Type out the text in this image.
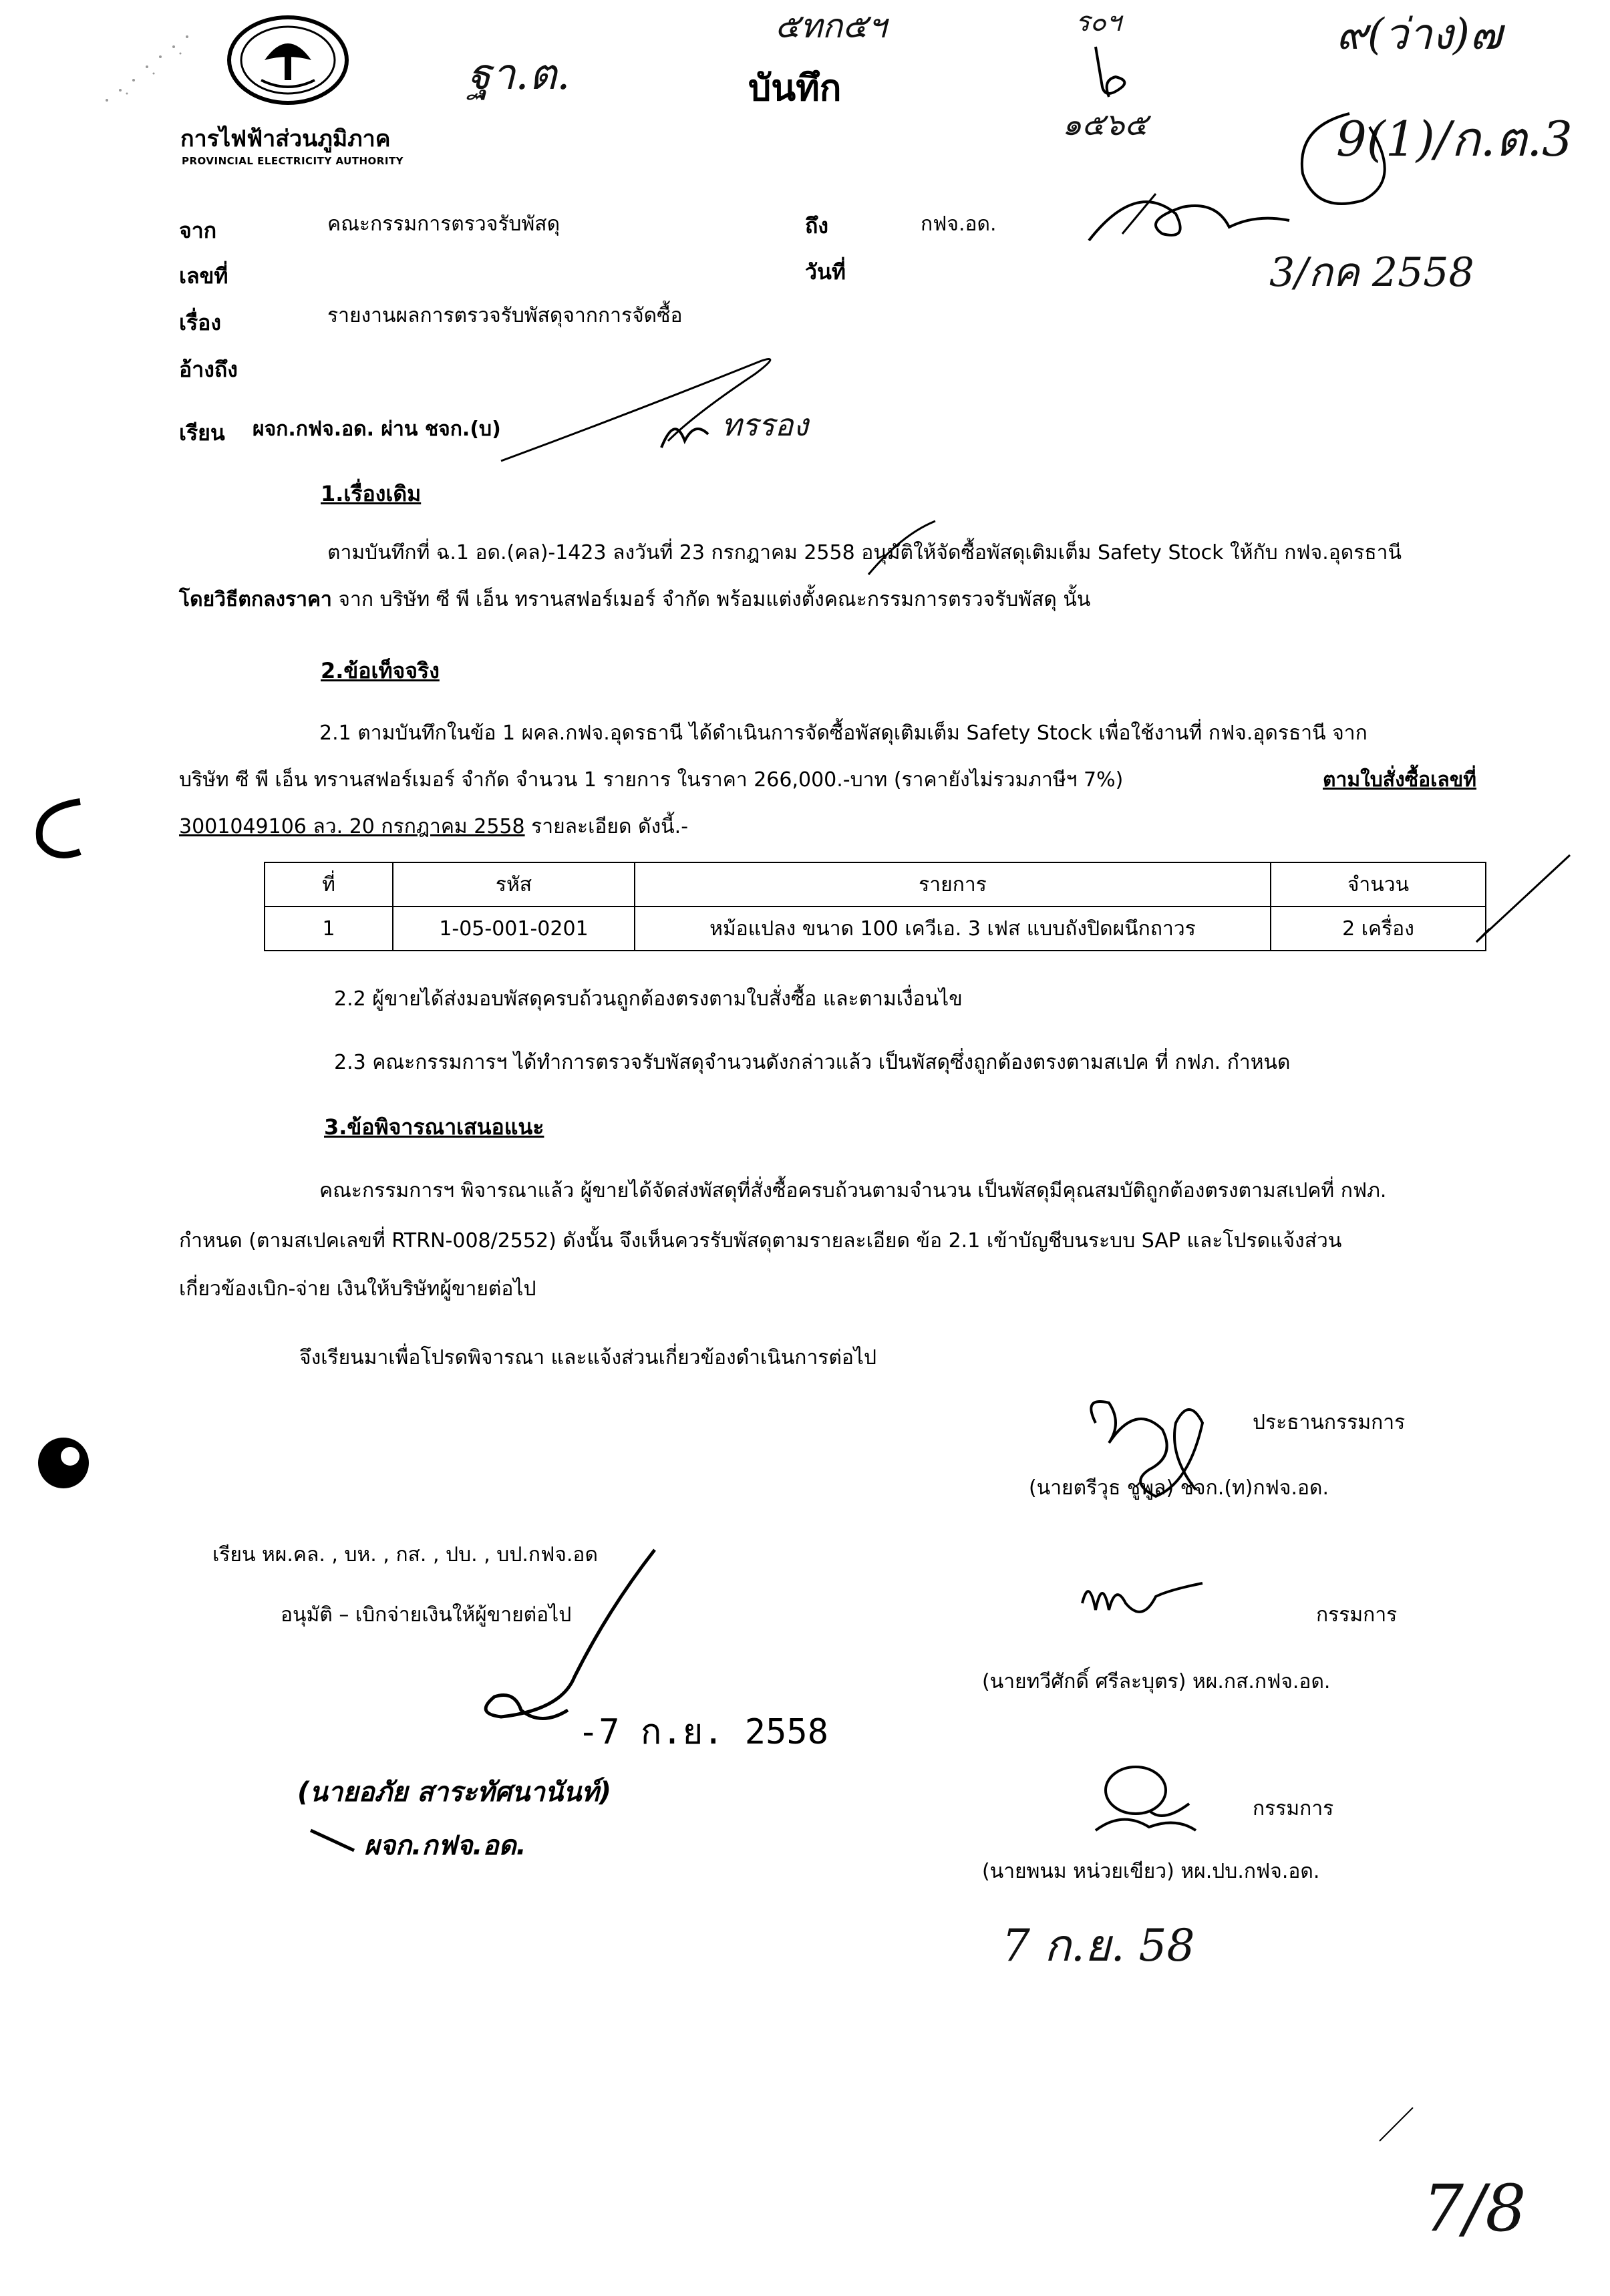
การไฟฟ้าส่วนภูมิภาค
PROVINCIAL ELECTRICITY AUTHORITY
บันทึก
ฐา.ต.
๕ทก๕ฯ	ร๐ฯ
๑๕๖๕
๙(ว่าง)๗
9(1)/ก.ต.3
จาก	คณะกรรมการตรวจรับพัสดุ	ถึง	กฟจ.อด.
เลขที่	วันที่	3/กค 2558
เรื่อง	รายงานผลการตรวจรับพัสดุจากการจัดซื้อ
อ้างถึง
เรียน ผจก.กฟจ.อด. ผ่าน ชจก.(บ)	ทรรอง
1.เรื่องเดิม
ตามบันทึกที่ ฉ.1 อด.(คล)-1423 ลงวันที่ 23 กรกฎาคม 2558 อนุมัติให้จัดซื้อพัสดุเติมเต็ม Safety Stock ให้กับ กฟจ.อุดรธานี
โดยวิธีตกลงราคา จาก บริษัท ซี พี เอ็น ทรานสฟอร์เมอร์ จำกัด พร้อมแต่งตั้งคณะกรรมการตรวจรับพัสดุ นั้น
2.ข้อเท็จจริง
2.1 ตามบันทึกในข้อ 1 ผคล.กฟจ.อุดรธานี ได้ดำเนินการจัดซื้อพัสดุเติมเต็ม Safety Stock เพื่อใช้งานที่ กฟจ.อุดรธานี จาก
บริษัท ซี พี เอ็น ทรานสฟอร์เมอร์ จำกัด จำนวน 1 รายการ ในราคา 266,000.-บาท (ราคายังไม่รวมภาษีฯ 7%)	ตามใบสั่งซื้อเลขที่
3001049106 ลว. 20 กรกฎาคม 2558 รายละเอียด ดังนี้.-
ที่	รหัส	รายการ	จำนวน
1	1-05-001-0201	หม้อแปลง ขนาด 100 เควีเอ. 3 เฟส แบบถังปิดผนึกถาวร	2 เครื่อง
2.2 ผู้ขายได้ส่งมอบพัสดุครบถ้วนถูกต้องตรงตามใบสั่งซื้อ และตามเงื่อนไข
2.3 คณะกรรมการฯ ได้ทำการตรวจรับพัสดุจำนวนดังกล่าวแล้ว เป็นพัสดุซึ่งถูกต้องตรงตามสเปค ที่ กฟภ. กำหนด
3.ข้อพิจารณาเสนอแนะ
คณะกรรมการฯ พิจารณาแล้ว ผู้ขายได้จัดส่งพัสดุที่สั่งซื้อครบถ้วนตามจำนวน เป็นพัสดุมีคุณสมบัติถูกต้องตรงตามสเปคที่ กฟภ.
กำหนด (ตามสเปคเลขที่ RTRN-008/2552) ดังนั้น จึงเห็นควรรับพัสดุตามรายละเอียด ข้อ 2.1 เข้าบัญชีบนระบบ SAP และโปรดแจ้งส่วน
เกี่ยวข้องเบิก-จ่าย เงินให้บริษัทผู้ขายต่อไป
จึงเรียนมาเพื่อโปรดพิจารณา และแจ้งส่วนเกี่ยวข้องดำเนินการต่อไป
ประธานกรรมการ
(นายตรีวุธ ชูพูล) ชจก.(ท)กฟจ.อด.
กรรมการ
(นายทวีศักดิ์ ศรีละบุตร) หผ.กส.กฟจ.อด.
กรรมการ
(นายพนม หน่วยเขียว) หผ.ปบ.กฟจ.อด.
7 ก.ย. 58
เรียน หผ.คล. , บห. , กส. , ปบ. , บป.กฟจ.อด
อนุมัติ – เบิกจ่ายเงินให้ผู้ขายต่อไป
-7 ก.ย. 2558
(นายอภัย สาระทัศนานันท์)
ผจก.กฟจ.อด.
7/8
